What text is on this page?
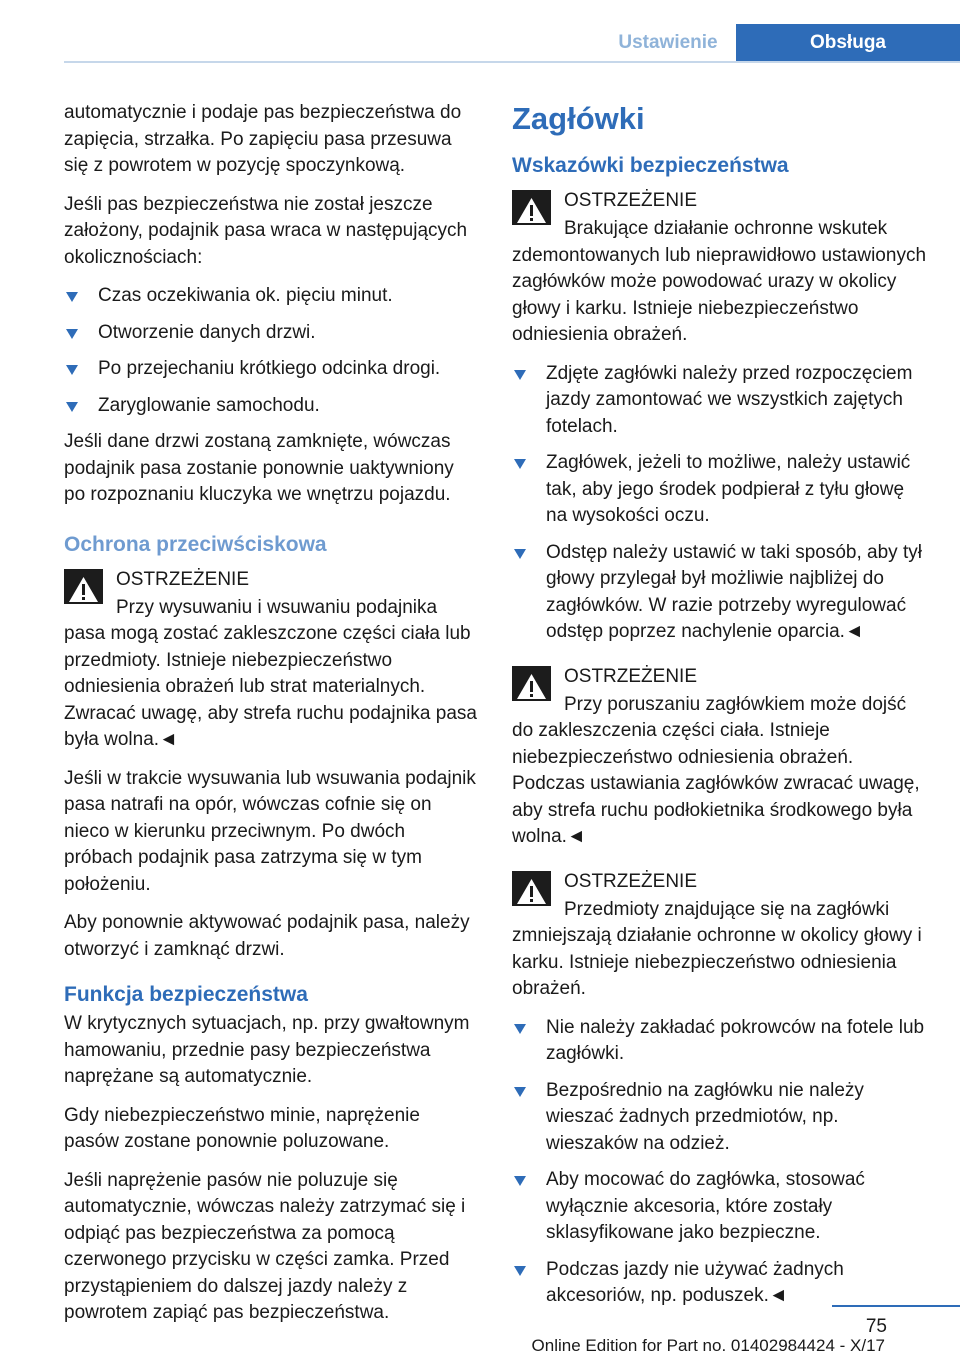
Ustawienie	Obsługa

automatycznie i podaje pas bezpieczeństwa do zapięcia, strzałka. Po zapięciu pasa przesuwa się z powrotem w pozycję spoczynkową.

Jeśli pas bezpieczeństwa nie został jeszcze założony, podajnik pasa wraca w następujących okolicznościach:

Czas oczekiwania ok. pięciu minut.
Otworzenie danych drzwi.
Po przejechaniu krótkiego odcinka drogi.
Zaryglowanie samochodu.

Jeśli dane drzwi zostaną zamknięte, wówczas podajnik pasa zostanie ponownie uaktywniony po rozpoznaniu kluczyka we wnętrzu pojazdu.

Ochrona przeciwściskowa
OSTRZEŻENIE
Przy wysuwaniu i wsuwaniu podajnika pasa mogą zostać zakleszczone części ciała lub przedmioty. Istnieje niebezpieczeństwo odniesienia obrażeń lub strat materialnych. Zwracać uwagę, aby strefa ruchu podajnika pasa była wolna.◄

Jeśli w trakcie wysuwania lub wsuwania podajnik pasa natrafi na opór, wówczas cofnie się on nieco w kierunku przeciwnym. Po dwóch próbach podajnik pasa zatrzyma się w tym położeniu.

Aby ponownie aktywować podajnik pasa, należy otworzyć i zamknąć drzwi.

Funkcja bezpieczeństwa

W krytycznych sytuacjach, np. przy gwałtownym hamowaniu, przednie pasy bezpieczeństwa naprężane są automatycznie.

Gdy niebezpieczeństwo minie, naprężenie pasów zostane ponownie poluzowane.

Jeśli naprężenie pasów nie poluzuje się automatycznie, wówczas należy zatrzymać się i odpiąć pas bezpieczeństwa za pomocą czerwonego przycisku w części zamka. Przed przystąpieniem do dalszej jazdy należy z powrotem zapiąć pas bezpieczeństwa.

Zagłówki
Wskazówki bezpieczeństwa
OSTRZEŻENIE
Brakujące działanie ochronne wskutek zdemontowanych lub nieprawidłowo ustawionych zagłówków może powodować urazy w okolicy głowy i karku. Istnieje niebezpieczeństwo odniesienia obrażeń.
Zdjęte zagłówki należy przed rozpoczęciem jazdy zamontować we wszystkich zajętych fotelach.
Zagłówek, jeżeli to możliwe, należy ustawić tak, aby jego środek podpierał z tyłu głowę na wysokości oczu.
Odstęp należy ustawić w taki sposób, aby tył głowy przylegał był możliwie najbliżej do zagłówków. W razie potrzeby wyregulować odstęp poprzez nachylenie oparcia.◄
OSTRZEŻENIE
Przy poruszaniu zagłówkiem może dojść do zakleszczenia części ciała. Istnieje niebezpieczeństwo odniesienia obrażeń. Podczas ustawiania zagłówków zwracać uwagę, aby strefa ruchu podłokietnika środkowego była wolna.◄
OSTRZEŻENIE
Przedmioty znajdujące się na zagłówki zmniejszają działanie ochronne w okolicy głowy i karku. Istnieje niebezpieczeństwo odniesienia obrażeń.
Nie należy zakładać pokrowców na fotele lub zagłówki.
Bezpośrednio na zagłówku nie należy wieszać żadnych przedmiotów, np. wieszaków na odzież.
Aby mocować do zagłówka, stosować wyłącznie akcesoria, które zostały sklasyfikowane jako bezpieczne.
Podczas jazdy nie używać żadnych akcesoriów, np. poduszek.◄
75
Online Edition for Part no. 01402984424 - X/17
